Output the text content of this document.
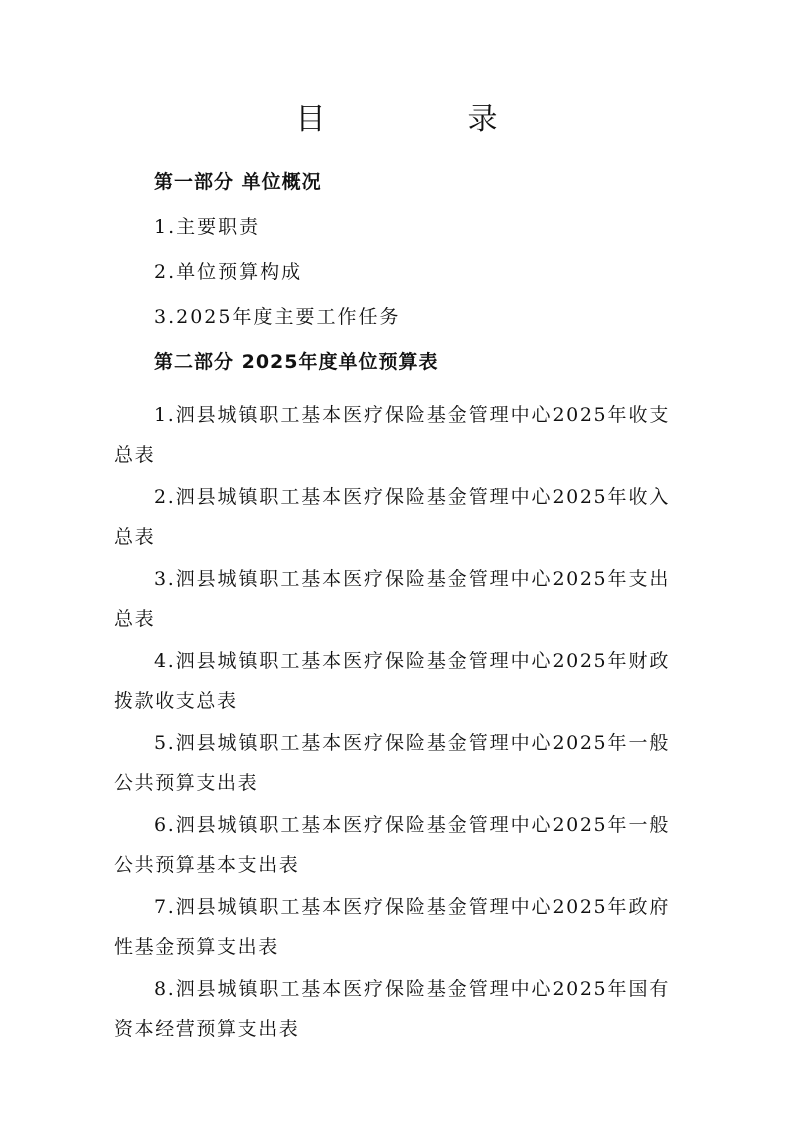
目　录
第一部分 单位概况
1.主要职责
2.单位预算构成
3.2025年度主要工作任务
第二部分 2025年度单位预算表
1.泗县城镇职工基本医疗保险基金管理中心2025年收支总表
2.泗县城镇职工基本医疗保险基金管理中心2025年收入总表
3.泗县城镇职工基本医疗保险基金管理中心2025年支出总表
4.泗县城镇职工基本医疗保险基金管理中心2025年财政拨款收支总表
5.泗县城镇职工基本医疗保险基金管理中心2025年一般公共预算支出表
6.泗县城镇职工基本医疗保险基金管理中心2025年一般公共预算基本支出表
7.泗县城镇职工基本医疗保险基金管理中心2025年政府性基金预算支出表
8.泗县城镇职工基本医疗保险基金管理中心2025年国有资本经营预算支出表
